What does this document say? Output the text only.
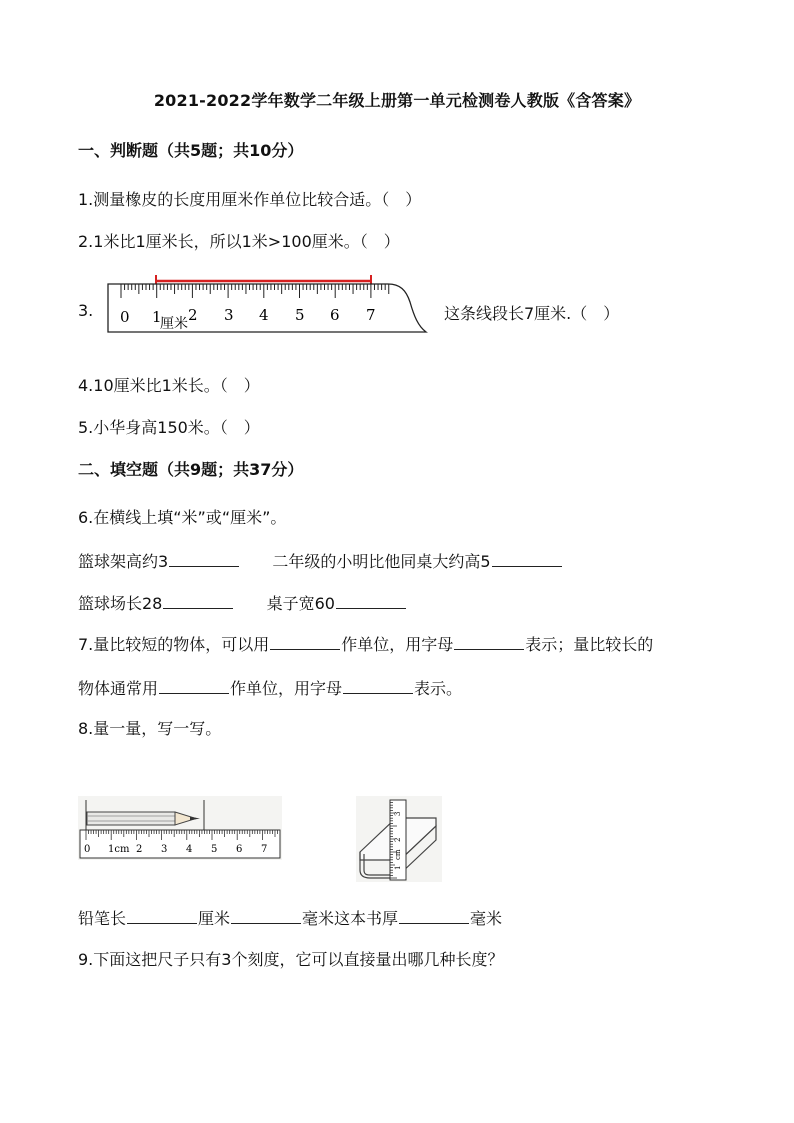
2021-2022学年数学二年级上册第一单元检测卷人教版《含答案》
一、判断题（共5题；共10分）
1.测量橡皮的长度用厘米作单位比较合适。（　）
2.1米比1厘米长，所以1米>100厘米。（　）
3. 0 1 2 3 4 5 6 7
厘米
这条线段长7厘米.（　）
4.10厘米比1米长。（　）
5.小华身高150米。（　）
二、填空题（共9题；共37分）
6.在横线上填“米”或“厘米”。
篮球架高约3	二年级的小明比他同桌大约高5
篮球场长28	桌子宽60
7.量比较短的物体，可以用	作单位，用字母	表示；量比较长的
物体通常用	作单位，用字母	表示。
8.量一量，写一写。
0 1cm 2 3 4 5 6 7
1
cm
2
3
铅笔长	厘米	毫米这本书厚	毫米
9.下面这把尺子只有3个刻度，它可以直接量出哪几种长度？
